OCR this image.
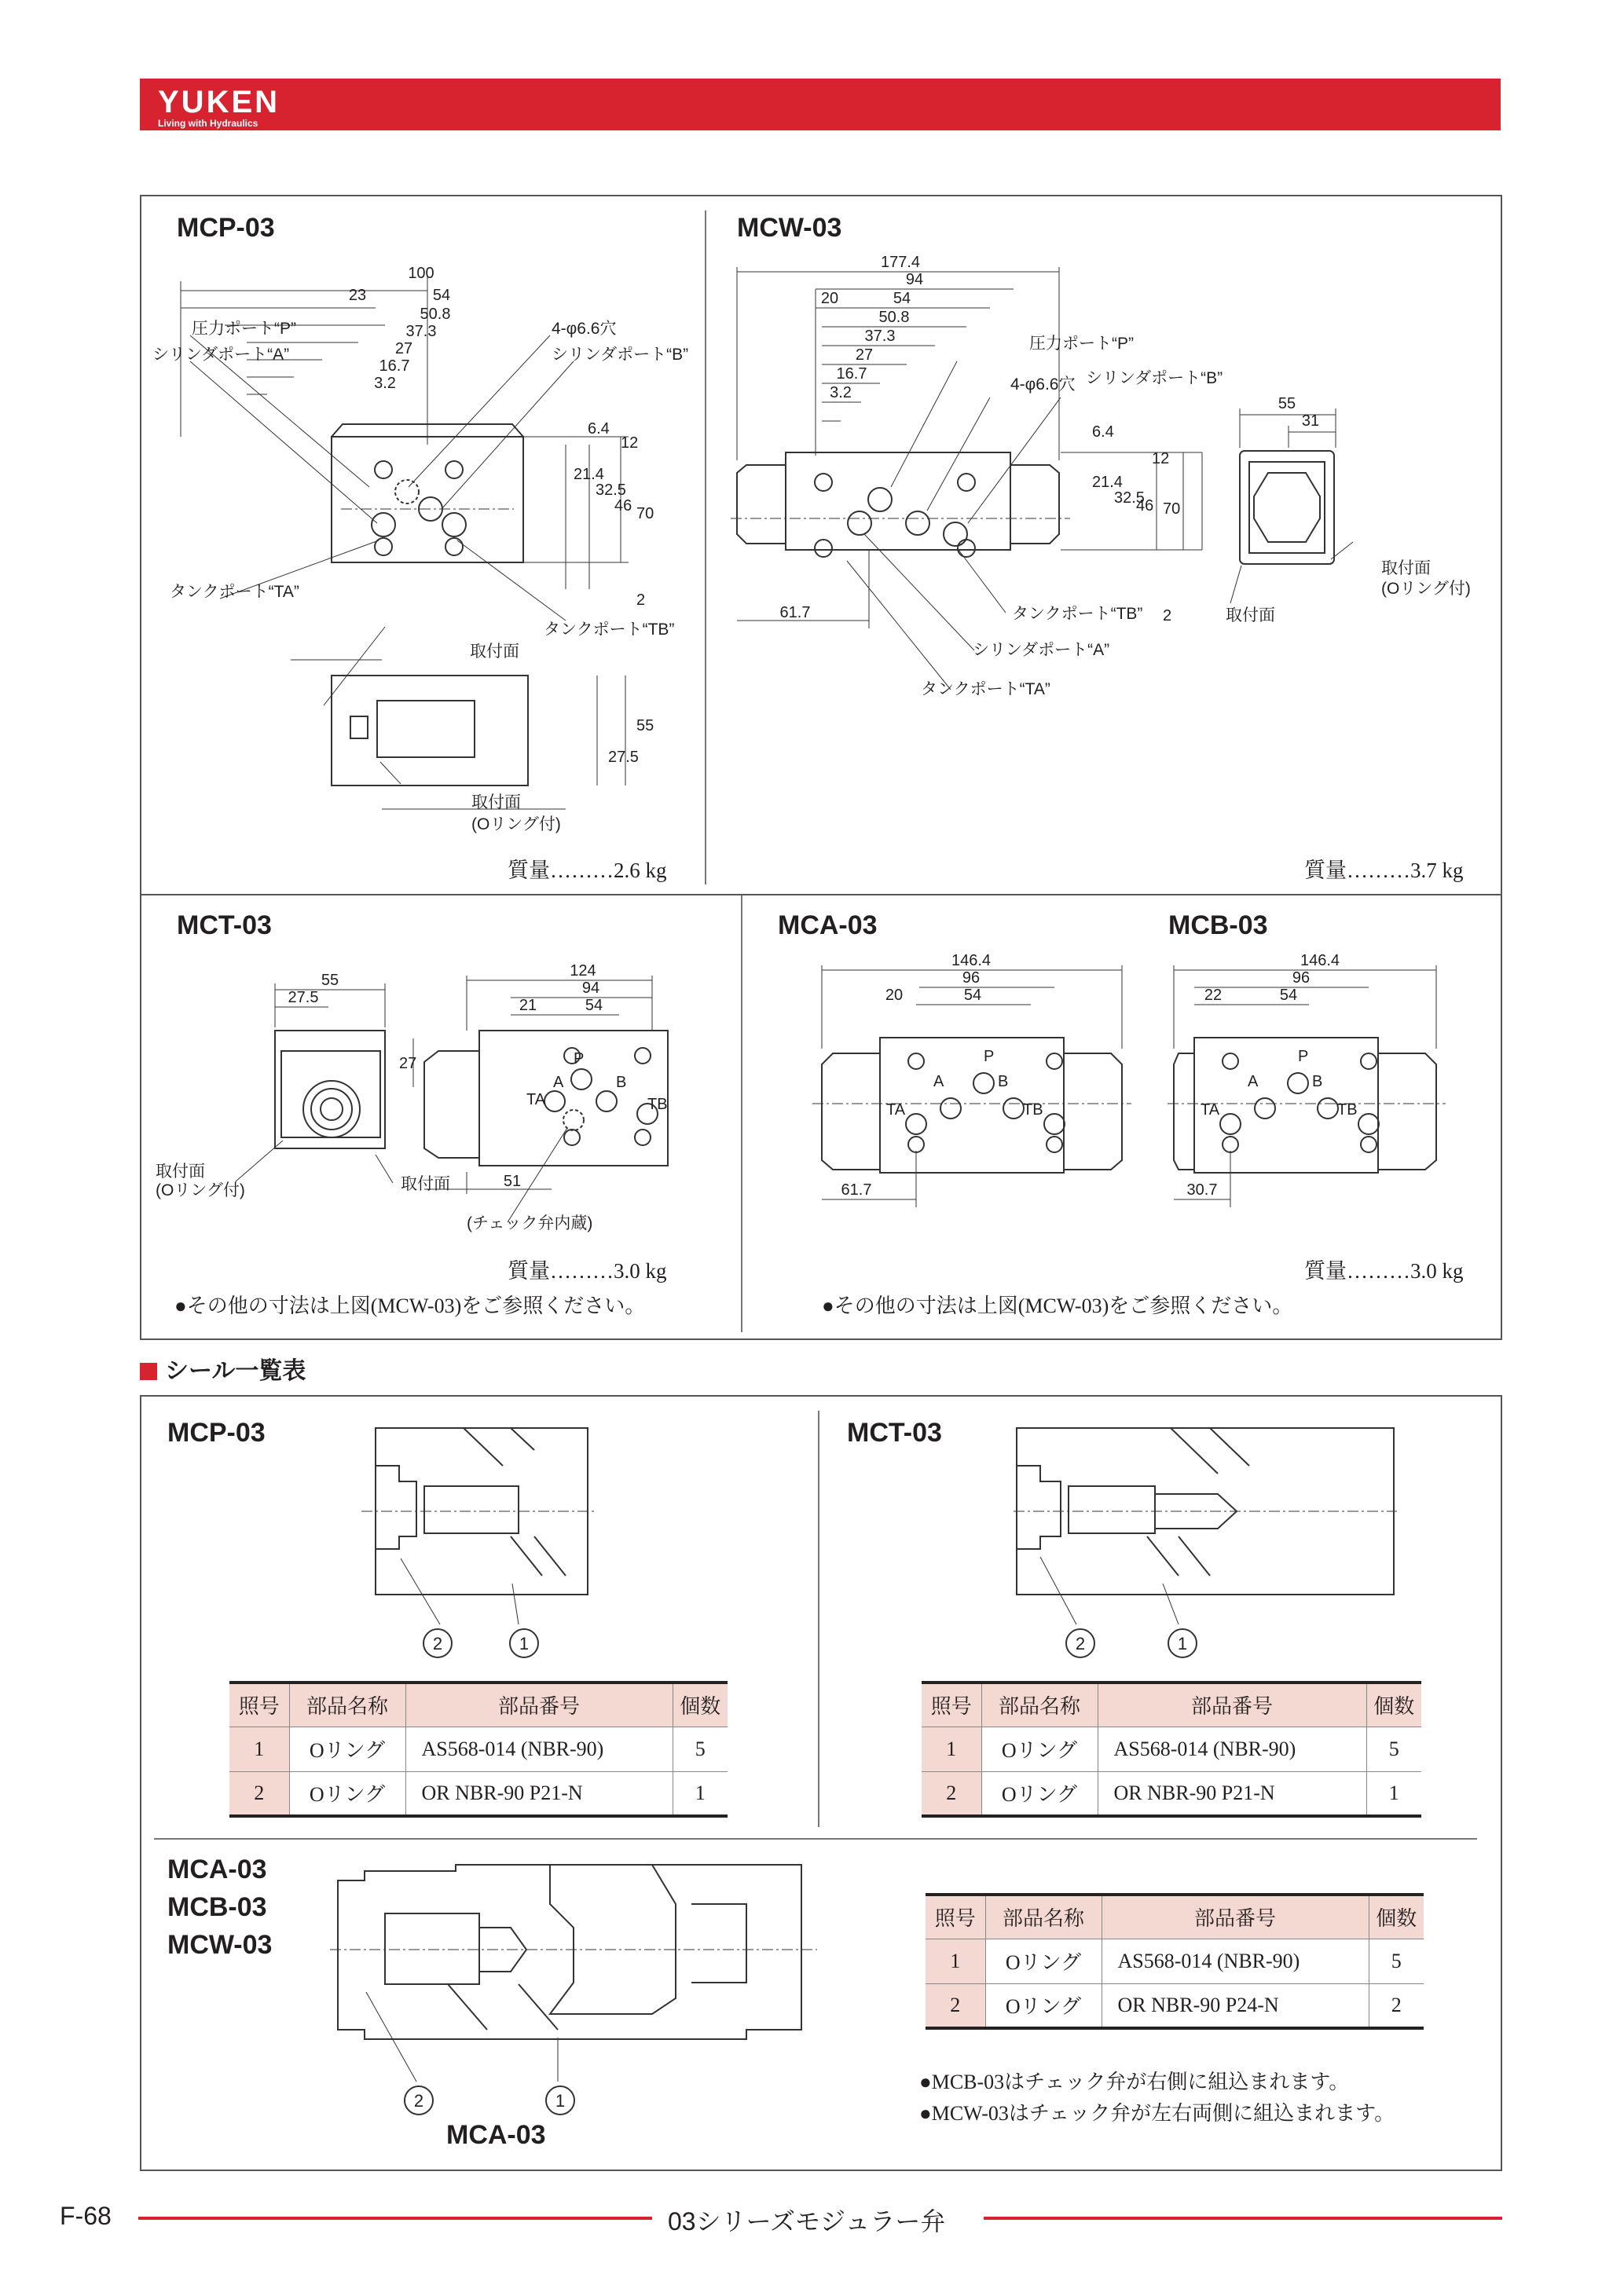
YUKEN
Living with Hydraulics
MCP-03
100
23	54
50.8
37.3
27
16.7
3.2
6.4
12
21.4
32.5
46 70
2
27.5
55
圧力ポート“P”
シリンダポート“A”
4-φ6.6穴
シリンダポート“B”
タンクポート“TA”
タンクポート“TB”
取付面
取付面
(Oリング付)
質量………2.6 kg
MCW-03
177.4
94
20	54
50.8
37.3
27
16.7
3.2
6.4
12
21.4
32.5
46 70
61.7	2
55
31
圧力ポート“P”
4-φ6.6穴 シリンダポート“B”
タンクポート“TB”
シリンダポート“A”
タンクポート“TA”
取付面
取付面
(Oリング付)
質量………3.7 kg
MCT-03
55
27.5
124
94
21	54
27
51
P
A	B
TA	TB
取付面
(Oリング付)	取付面
(チェック弁内蔵)
質量………3.0 kg
●その他の寸法は上図(MCW-03)をご参照ください。
MCA-03	MCB-03
146.4
96
20	54
61.7
P
A	B
TA	TB
146.4
96
22	54
30.7
P
A	B
TA	TB
質量………3.0 kg
●その他の寸法は上図(MCW-03)をご参照ください。
シール一覧表
MCP-03
2	1
MCT-03
2	1
照号	部品名称	部品番号	個数
1	Oリング	AS568-014 (NBR-90)	5
2	Oリング	OR NBR-90 P21-N	1
照号	部品名称	部品番号	個数
1	Oリング	AS568-014 (NBR-90)	5
2	Oリング	OR NBR-90 P21-N	1
MCA-03
MCB-03
MCW-03
2	1
MCA-03
照号	部品名称	部品番号	個数
1	Oリング	AS568-014 (NBR-90)	5
2	Oリング	OR NBR-90 P24-N	2
●MCB-03はチェック弁が右側に組込まれます。
●MCW-03はチェック弁が左右両側に組込まれます。
F-68	03シリーズモジュラー弁
